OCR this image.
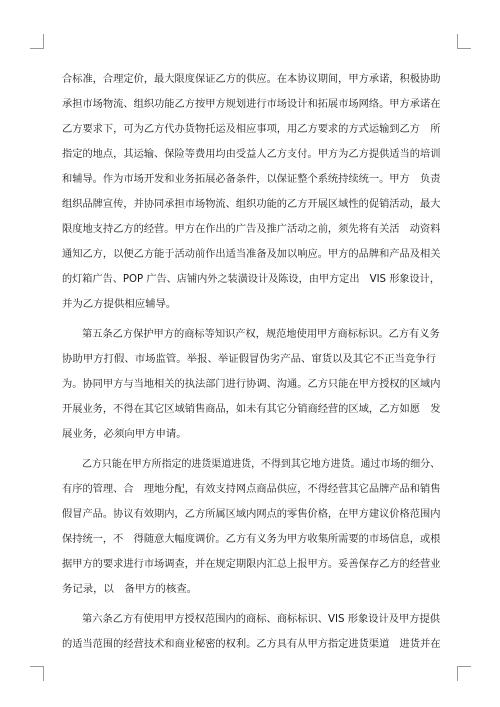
合标准，合理定价，最大限度保证乙方的供应。在本协议期间，甲方承诺，积极协助
承担市场物流、组织功能乙方按甲方规划进行市场设计和拓展市场网络。甲方承诺在
乙方要求下，可为乙方代办货物托运及相应事项，用乙方要求的方式运输到乙方　所
指定的地点，其运输、保险等费用均由受益人乙方支付。甲方为乙方提供适当的培训
和辅导。作为市场开发和业务拓展必备条件，以保证整个系统持续统一。甲方　负责
组织品牌宣传，并协同承担市场物流、组织功能的乙方开展区域性的促销活动，最大
限度地支持乙方的经营。甲方在作出的广告及推广活动之前，须先将有关活　动资料
通知乙方，以便乙方能于活动前作出适当准备及加以响应。甲方的品牌和产品及相关
的灯箱广告、POP 广告、店铺内外之装潢设计及陈设，由甲方定出　VIS 形象设计，
并为乙方提供相应辅导。
第五条乙方保护甲方的商标等知识产权，规范地使用甲方商标标识。乙方有义务
协助甲方打假、市场监管。举报、举证假冒伪劣产品、窜货以及其它不正当竞争行
为。协同甲方与当地相关的执法部门进行协调、沟通。乙方只能在甲方授权的区域内
开展业务，不得在其它区域销售商品，如未有其它分销商经营的区域，乙方如愿　发
展业务，必须向甲方申请。
乙方只能在甲方所指定的进货渠道进货，不得到其它地方进货。通过市场的细分、
有序的管理、合　理地分配，有效支持网点商品供应，不得经营其它品牌产品和销售
假冒产品。协议有效期内，乙方所属区域内网点的零售价格，在甲方建议价格范围内
保持统一，不　得随意大幅度调价。乙方有义务为甲方收集所需要的市场信息，或根
据甲方的要求进行市场调查，并在规定期限内汇总上报甲方。妥善保存乙方的经营业
务记录，以　备甲方的核查。
第六条乙方有使用甲方授权范围内的商标、商标标识、VIS 形象设计及甲方提供
的适当范围的经营技术和商业秘密的权利。乙方具有从甲方指定进货渠道　进货并在
